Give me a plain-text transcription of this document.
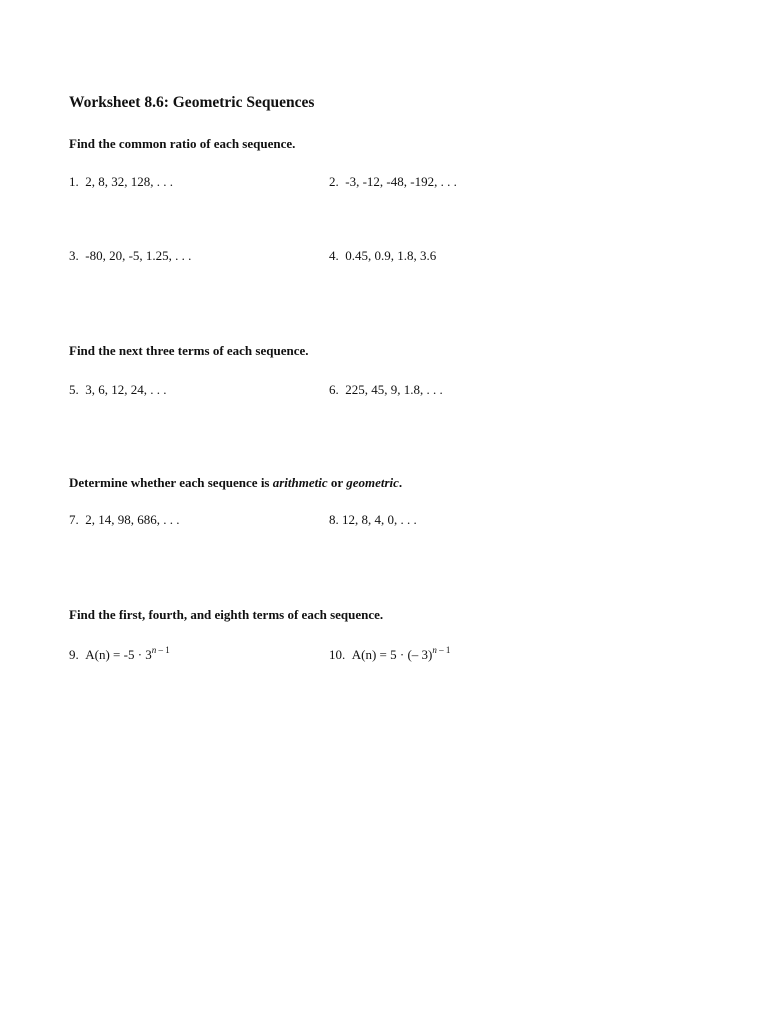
Worksheet 8.6: Geometric Sequences
Find the common ratio of each sequence.
1. 2, 8, 32, 128, . . .	2. -3, -12, -48, -192, . . .
3. -80, 20, -5, 1.25, . . .	4. 0.45, 0.9, 1.8, 3.6
Find the next three terms of each sequence.
5. 3, 6, 12, 24, . . .	6. 225, 45, 9, 1.8, . . .
Determine whether each sequence is arithmetic or geometric.
7. 2, 14, 98, 686, . . .	8. 12, 8, 4, 0, . . .
Find the first, fourth, and eighth terms of each sequence.
9. $A(n) = -5 \cdot 3^{n - 1}$	10. A(n) = 5 · (– 3)$^{n - 1}$
